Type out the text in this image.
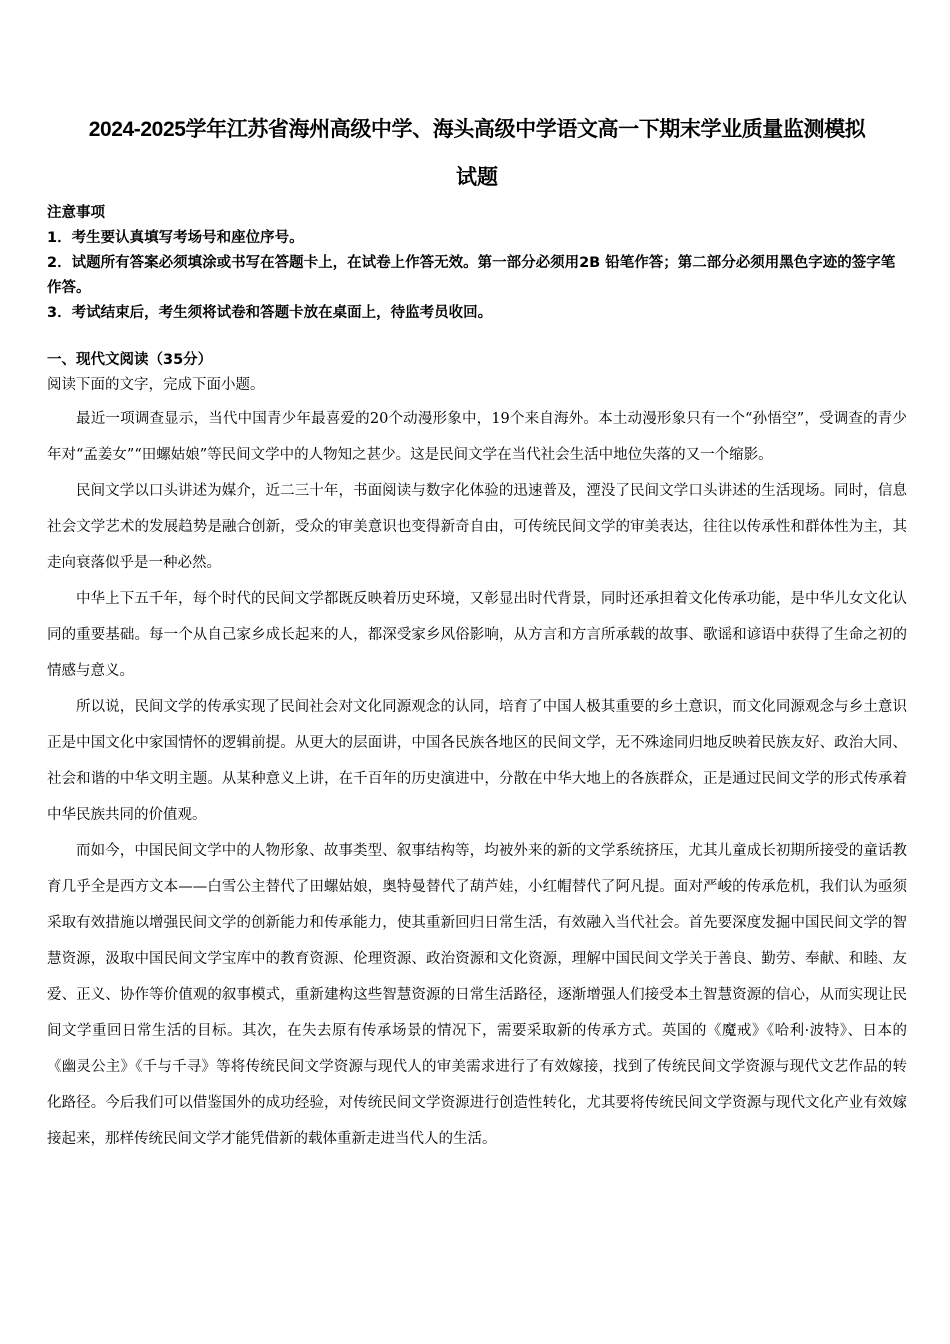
2024-2025学年江苏省海州高级中学、海头高级中学语文高一下期末学业质量监测模拟
试题

注意事项

1．考生要认真填写考场号和座位序号。

2．试题所有答案必须填涂或书写在答题卡上，在试卷上作答无效。第一部分必须用2B 铅笔作答；第二部分必须用黑色字迹的签字笔作答。

3．考试结束后，考生须将试卷和答题卡放在桌面上，待监考员收回。

一、现代文阅读（35分）

阅读下面的文字，完成下面小题。

最近一项调查显示，当代中国青少年最喜爱的20个动漫形象中，19个来自海外。本土动漫形象只有一个“孙悟空”，受调查的青少年对“孟姜女”“田螺姑娘”等民间文学中的人物知之甚少。这是民间文学在当代社会生活中地位失落的又一个缩影。

民间文学以口头讲述为媒介，近二三十年，书面阅读与数字化体验的迅速普及，湮没了民间文学口头讲述的生活现场。同时，信息社会文学艺术的发展趋势是融合创新，受众的审美意识也变得新奇自由，可传统民间文学的审美表达，往往以传承性和群体性为主，其走向衰落似乎是一种必然。

中华上下五千年，每个时代的民间文学都既反映着历史环境，又彰显出时代背景，同时还承担着文化传承功能，是中华儿女文化认同的重要基础。每一个从自己家乡成长起来的人，都深受家乡风俗影响，从方言和方言所承载的故事、歌谣和谚语中获得了生命之初的情感与意义。

所以说，民间文学的传承实现了民间社会对文化同源观念的认同，培育了中国人极其重要的乡土意识，而文化同源观念与乡土意识正是中国文化中家国情怀的逻辑前提。从更大的层面讲，中国各民族各地区的民间文学，无不殊途同归地反映着民族友好、政治大同、社会和谐的中华文明主题。从某种意义上讲，在千百年的历史演进中，分散在中华大地上的各族群众，正是通过民间文学的形式传承着中华民族共同的价值观。

而如今，中国民间文学中的人物形象、故事类型、叙事结构等，均被外来的新的文学系统挤压，尤其儿童成长初期所接受的童话教育几乎全是西方文本——白雪公主替代了田螺姑娘，奥特曼替代了葫芦娃，小红帽替代了阿凡提。面对严峻的传承危机，我们认为亟须采取有效措施以增强民间文学的创新能力和传承能力，使其重新回归日常生活，有效融入当代社会。首先要深度发掘中国民间文学的智慧资源，汲取中国民间文学宝库中的教育资源、伦理资源、政治资源和文化资源，理解中国民间文学关于善良、勤劳、奉献、和睦、友爱、正义、协作等价值观的叙事模式，重新建构这些智慧资源的日常生活路径，逐渐增强人们接受本土智慧资源的信心，从而实现让民间文学重回日常生活的目标。其次，在失去原有传承场景的情况下，需要采取新的传承方式。英国的《魔戒》《哈利·波特》、日本的《幽灵公主》《千与千寻》等将传统民间文学资源与现代人的审美需求进行了有效嫁接，找到了传统民间文学资源与现代文艺作品的转化路径。今后我们可以借鉴国外的成功经验，对传统民间文学资源进行创造性转化，尤其要将传统民间文学资源与现代文化产业有效嫁接起来，那样传统民间文学才能凭借新的载体重新走进当代人的生活。
